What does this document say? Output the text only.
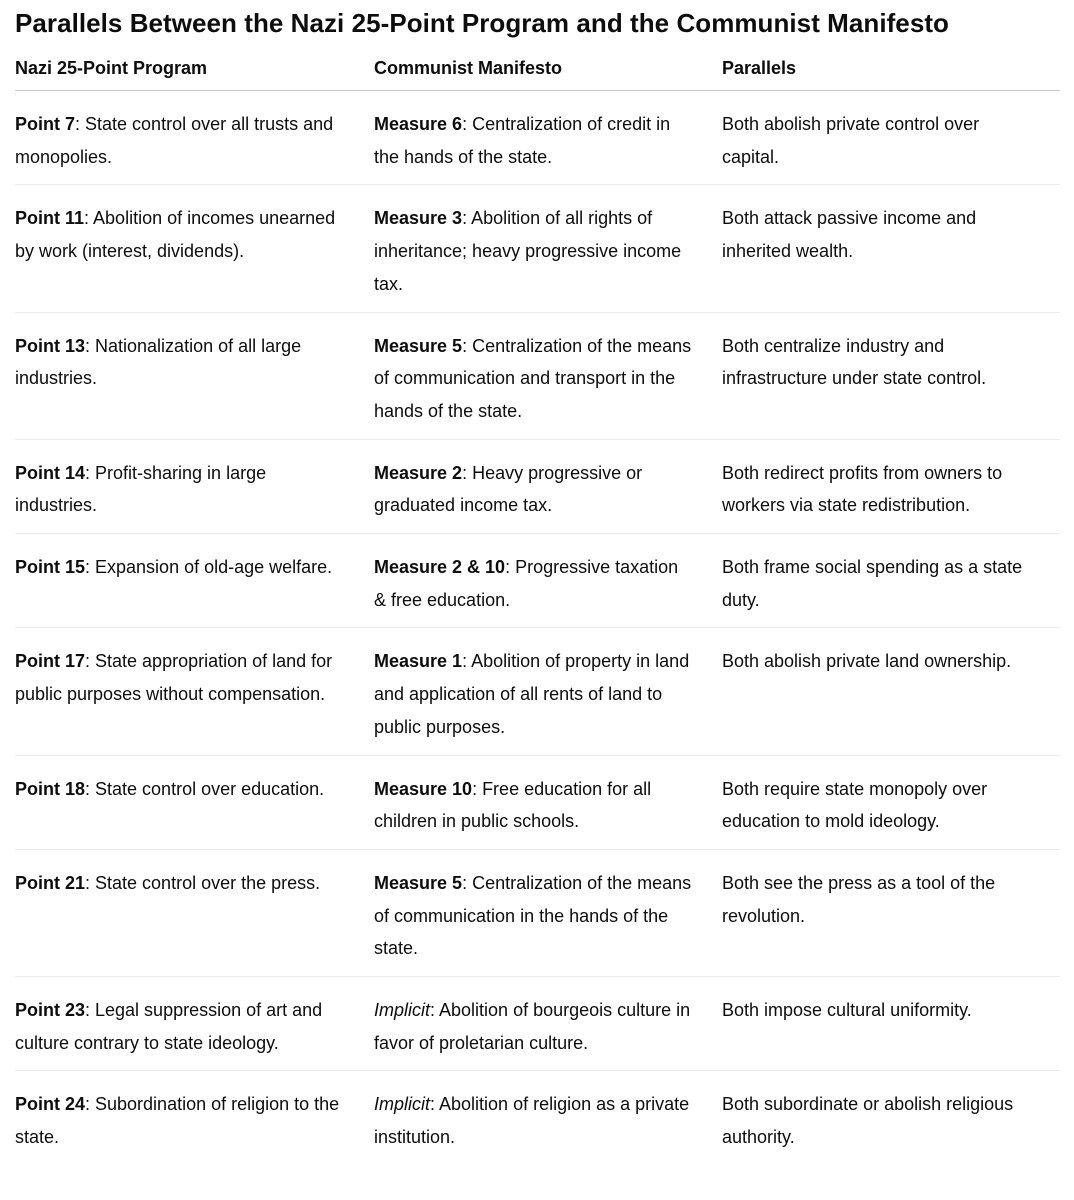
Parallels Between the Nazi 25-Point Program and the Communist Manifesto
Nazi 25-Point Program	Communist Manifesto	Parallels
Point 7: State control over all trusts and monopolies.	Measure 6: Centralization of credit in the hands of the state.	Both abolish private control over capital.
Point 11: Abolition of incomes unearned by work (interest, dividends).	Measure 3: Abolition of all rights of inheritance; heavy progressive income tax.	Both attack passive income and inherited wealth.
Point 13: Nationalization of all large industries.	Measure 5: Centralization of the means of communication and transport in the hands of the state.	Both centralize industry and infrastructure under state control.
Point 14: Profit-sharing in large industries.	Measure 2: Heavy progressive or graduated income tax.	Both redirect profits from owners to workers via state redistribution.
Point 15: Expansion of old-age welfare.	Measure 2 & 10: Progressive taxation & free education.	Both frame social spending as a state duty.
Point 17: State appropriation of land for public purposes without compensation.	Measure 1: Abolition of property in land and application of all rents of land to public purposes.	Both abolish private land ownership.
Point 18: State control over education.	Measure 10: Free education for all children in public schools.	Both require state monopoly over education to mold ideology.
Point 21: State control over the press.	Measure 5: Centralization of the means of communication in the hands of the state.	Both see the press as a tool of the revolution.
Point 23: Legal suppression of art and culture contrary to state ideology.	Implicit: Abolition of bourgeois culture in favor of proletarian culture.	Both impose cultural uniformity.
Point 24: Subordination of religion to the state.	Implicit: Abolition of religion as a private institution.	Both subordinate or abolish religious authority.
